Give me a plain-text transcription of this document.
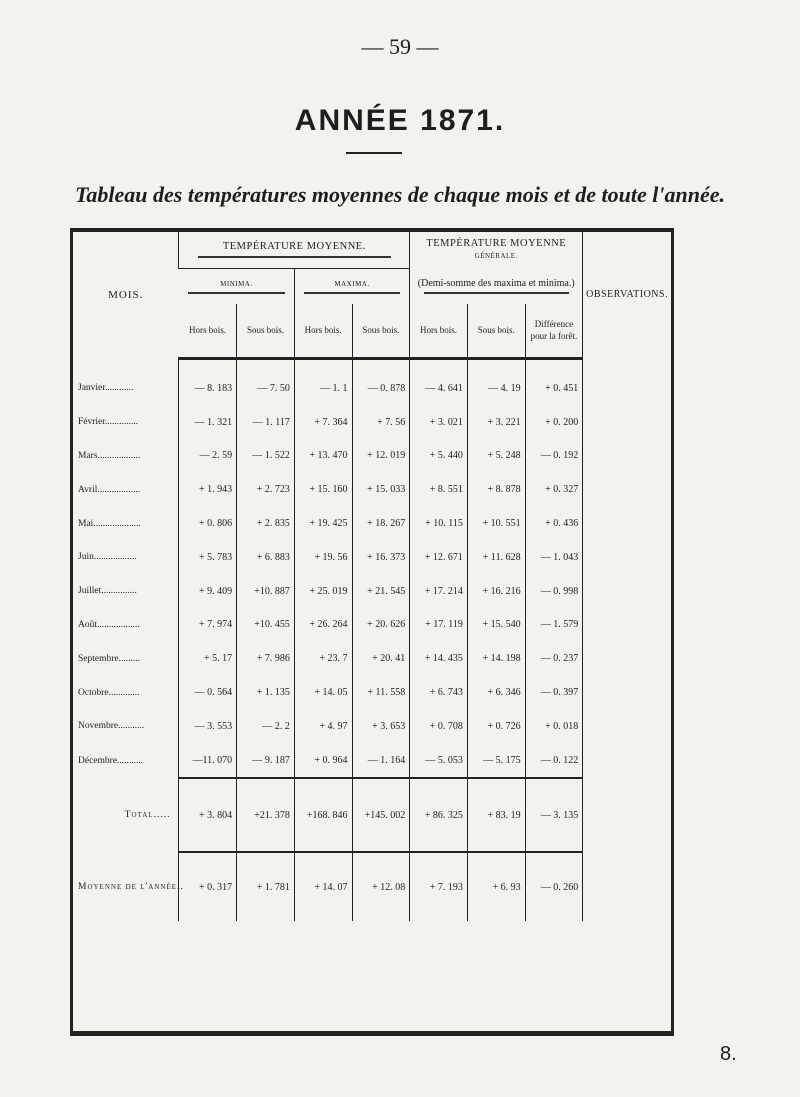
— 59 —
ANNÉE 1871.
Tableau des températures moyennes de chaque mois et de toute l'année.
MOIS.	TEMPÉRATURE MOYENNE.				TEMPÉRATURE MOYENNE
GÉNÉRALE.			OBSERVATIONS.
	MINIMA.		MAXIMA.		(Demi-somme des maxima et minima.)			

	Hors bois.	Sous bois.	Hors bois.	Sous bois.	Hors bois.	Sous bois.	Différence pour la forêt.	

Janvier............	— 8. 183	— 7. 50	— 1. 1	— 0. 878	— 4. 641	— 4. 19	+ 0. 451	
Février..............	— 1. 321	— 1. 117	+ 7. 364	+ 7. 56	+ 3. 021	+ 3. 221	+ 0. 200	
Mars..................	— 2. 59	— 1. 522	+ 13. 470	+ 12. 019	+ 5. 440	+ 5. 248	— 0. 192	
Avril..................	+ 1. 943	+ 2. 723	+ 15. 160	+ 15. 033	+ 8. 551	+ 8. 878	+ 0. 327	
Mai....................	+ 0. 806	+ 2. 835	+ 19. 425	+ 18. 267	+ 10. 115	+ 10. 551	+ 0. 436	
Juin..................	+ 5. 783	+ 6. 883	+ 19. 56	+ 16. 373	+ 12. 671	+ 11. 628	— 1. 043	
Juillet...............	+ 9. 409	+10. 887	+ 25. 019	+ 21. 545	+ 17. 214	+ 16. 216	— 0. 998	
Août..................	+ 7. 974	+10. 455	+ 26. 264	+ 20. 626	+ 17. 119	+ 15. 540	— 1. 579	
Septembre.........	+ 5. 17	+ 7. 986	+ 23. 7	+ 20. 41	+ 14. 435	+ 14. 198	— 0. 237	
Octobre.............	— 0. 564	+ 1. 135	+ 14. 05	+ 11. 558	+ 6. 743	+ 6. 346	— 0. 397	
Novembre...........	— 3. 553	— 2. 2	+ 4. 97	+ 3. 653	+ 0. 708	+ 0. 726	+ 0. 018	
Décembre...........	—11. 070	— 9. 187	+ 0. 964	— 1. 164	— 5. 053	— 5. 175	— 0. 122	
Total.....	+ 3. 804	+21. 378	+168. 846	+145. 002	+ 86. 325	+ 83. 19	— 3. 135	
Moyenne de l'année..	+ 0. 317	+ 1. 781	+ 14. 07	+ 12. 08	+ 7. 193	+ 6. 93	— 0. 260	
8.
